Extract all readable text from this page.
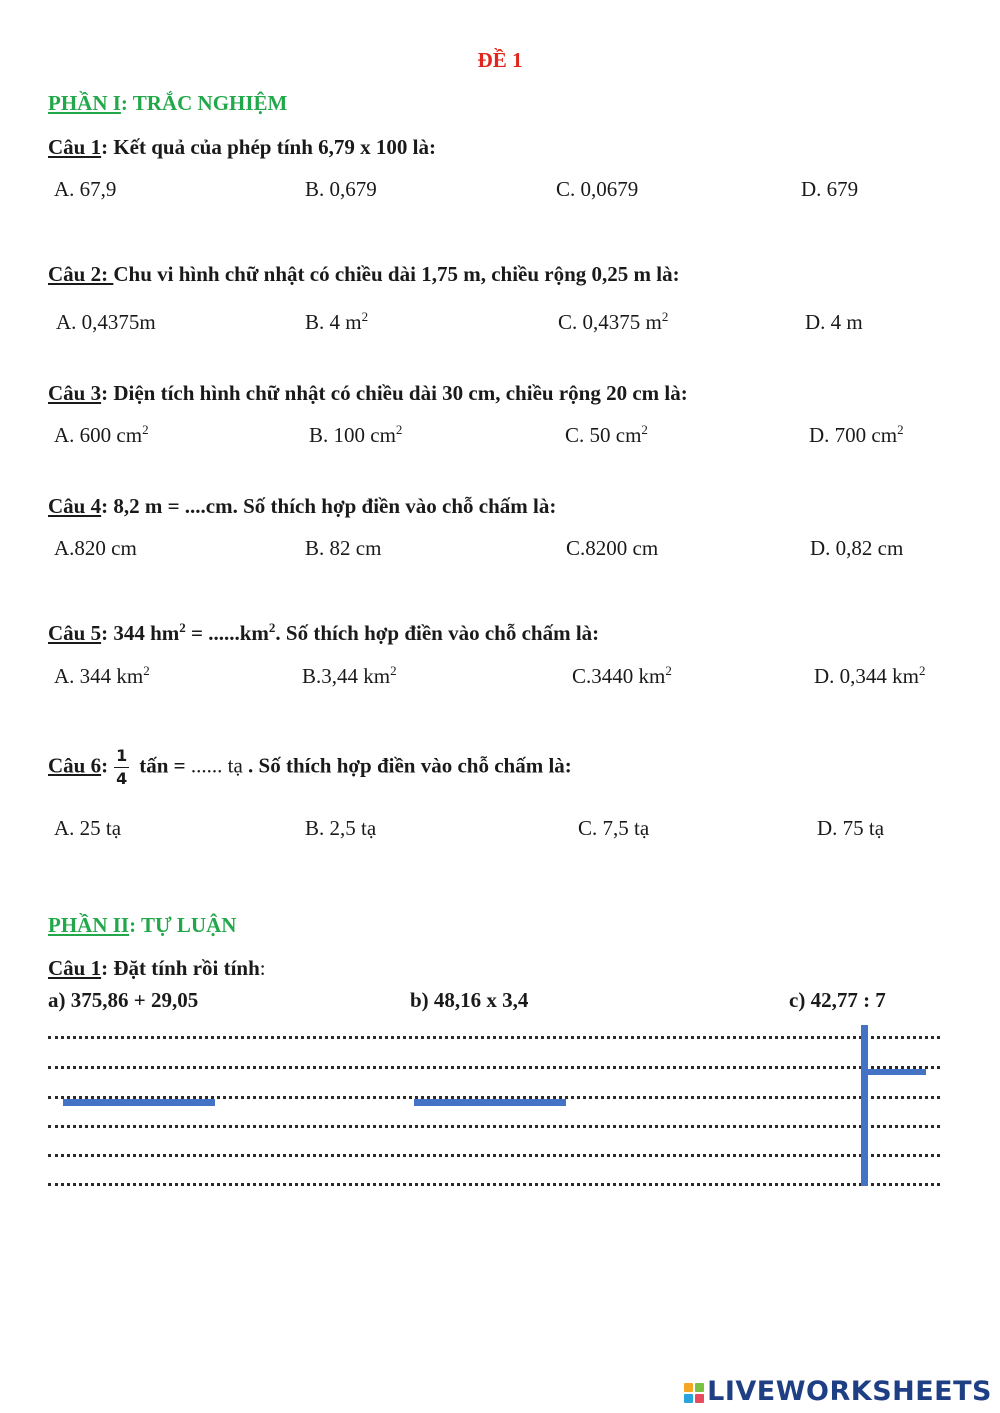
ĐỀ 1
PHẦN I: TRẮC NGHIỆM
Câu 1: Kết quả của phép tính 6,79 x 100 là:
A. 67,9	B. 0,679	C. 0,0679	D. 679
Câu 2: Chu vi hình chữ nhật có chiều dài 1,75 m, chiều rộng 0,25 m là:
A. 0,4375m	B. 4 $m^2$	C. 0,4375 $m^2$	D. 4 m
Câu 3: Diện tích hình chữ nhật có chiều dài 30 cm, chiều rộng 20 cm là:
A. 600 $cm^2$	B. 100 $cm^2$	C. 50 $cm^2$	D. 700 $cm^2$
Câu 4: 8,2 m = ....cm. Số thích hợp điền vào chỗ chấm là:
A.820 cm	B. 82 cm	C.8200 cm	D. 0,82 cm
Câu 5: 344 $hm^2 = ......km^2$. Số thích hợp điền vào chỗ chấm là:
A. 344 $km^2$	B.3,44 $km^2$	C.3440 $km^2$	D. 0,344 $km^2$
Câu 6: $\frac{1}{4}$ tấn = ...... tạ . Số thích hợp điền vào chỗ chấm là:
A. 25 tạ	B. 2,5 tạ	C. 7,5 tạ	D. 75 tạ
PHẦN II: TỰ LUẬN
Câu 1: Đặt tính rồi tính:
a) 375,86 + 29,05	b) 48,16 x 3,4	c) 42,77 : 7
LIVEWORKSHEETS
